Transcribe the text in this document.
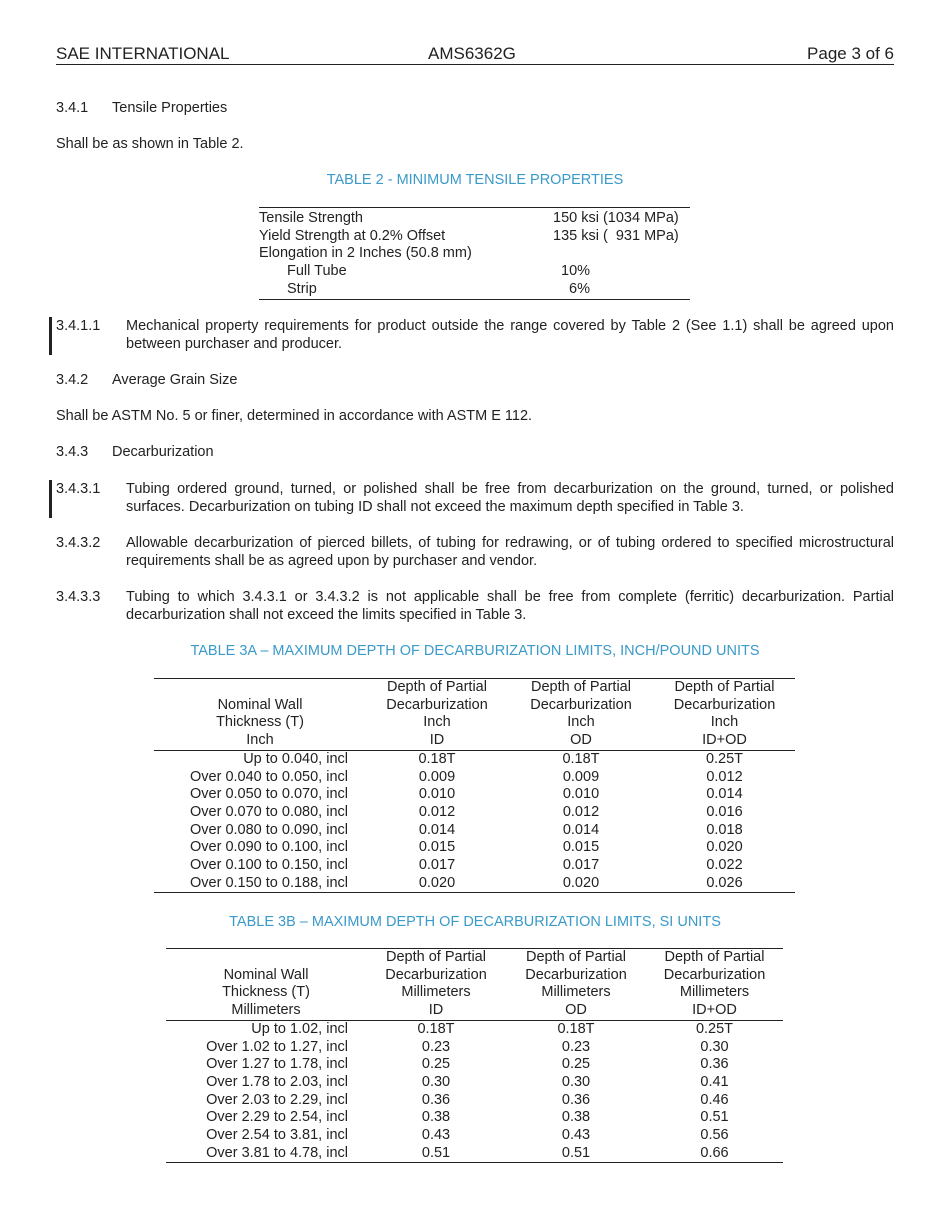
SAE INTERNATIONAL	AMS6362G	Page 3 of 6
3.4.1 Tensile Properties
Shall be as shown in Table 2.
TABLE 2 - MINIMUM TENSILE PROPERTIES
Tensile Strength	150 ksi (1034 MPa)
Yield Strength at 0.2% Offset	135 ksi (  931 MPa)
Elongation in 2 Inches (50.8 mm)	
Full Tube	10%
Strip	6%
3.4.1.1 Mechanical property requirements for product outside the range covered by Table 2 (See 1.1) shall be agreed upon between purchaser and producer.
3.4.2 Average Grain Size
Shall be ASTM No. 5 or finer, determined in accordance with ASTM E 112.
3.4.3 Decarburization
3.4.3.1 Tubing ordered ground, turned, or polished shall be free from decarburization on the ground, turned, or polished surfaces. Decarburization on tubing ID shall not exceed the maximum depth specified in Table 3.
3.4.3.2 Allowable decarburization of pierced billets, of tubing for redrawing, or of tubing ordered to specified microstructural requirements shall be as agreed upon by purchaser and vendor.
3.4.3.3 Tubing to which 3.4.3.1 or 3.4.3.2 is not applicable shall be free from complete (ferritic) decarburization. Partial decarburization shall not exceed the limits specified in Table 3.
TABLE 3A – MAXIMUM DEPTH OF DECARBURIZATION LIMITS, INCH/POUND UNITS
	Depth of Partial	Depth of Partial	Depth of Partial
Nominal Wall	Decarburization	Decarburization	Decarburization
Thickness (T)	Inch	Inch	Inch
Inch	ID	OD	ID+OD
Up to 0.040, incl	0.18T	0.18T	0.25T
Over 0.040 to 0.050, incl	0.009	0.009	0.012
Over 0.050 to 0.070, incl	0.010	0.010	0.014
Over 0.070 to 0.080, incl	0.012	0.012	0.016
Over 0.080 to 0.090, incl	0.014	0.014	0.018
Over 0.090 to 0.100, incl	0.015	0.015	0.020
Over 0.100 to 0.150, incl	0.017	0.017	0.022
Over 0.150 to 0.188, incl	0.020	0.020	0.026
TABLE 3B – MAXIMUM DEPTH OF DECARBURIZATION LIMITS, SI UNITS
	Depth of Partial	Depth of Partial	Depth of Partial
Nominal Wall	Decarburization	Decarburization	Decarburization
Thickness (T)	Millimeters	Millimeters	Millimeters
Millimeters	ID	OD	ID+OD
Up to 1.02, incl	0.18T	0.18T	0.25T
Over 1.02 to 1.27, incl	0.23	0.23	0.30
Over 1.27 to 1.78, incl	0.25	0.25	0.36
Over 1.78 to 2.03, incl	0.30	0.30	0.41
Over 2.03 to 2.29, incl	0.36	0.36	0.46
Over 2.29 to 2.54, incl	0.38	0.38	0.51
Over 2.54 to 3.81, incl	0.43	0.43	0.56
Over 3.81 to 4.78, incl	0.51	0.51	0.66
